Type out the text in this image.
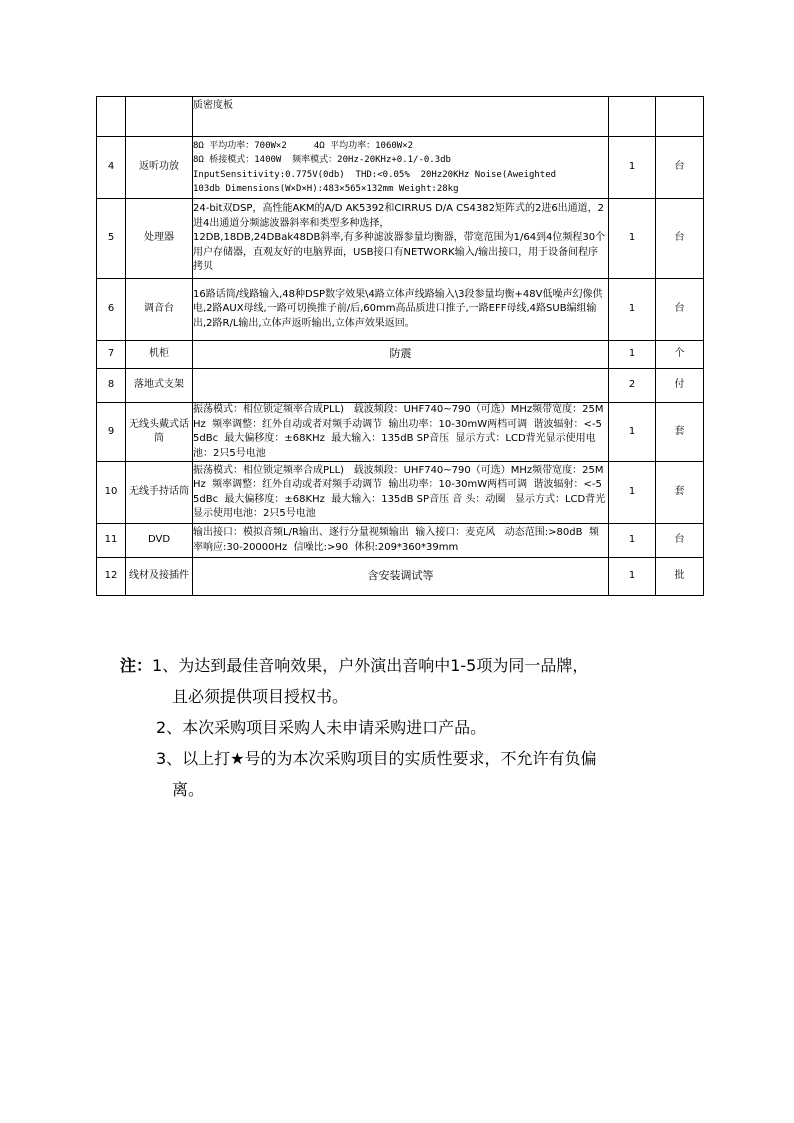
		质密度板		
4	返听功放	8Ω 平均功率：700W×2     4Ω 平均功率：1060W×2
8Ω 桥接模式：1400W  频率模式：20Hz-20KHz+0.1/-0.3db
InputSensitivity:0.775V(0db)  THD:<0.05%  20Hz20KHz Noise(Aweighted
103db Dimensions(W×D×H):483×565×132mm Weight:28kg	1	台
5	处理器	24-bit双DSP，高性能AKM的A/D AK5392和CIRRUS D/A CS4382矩阵式的2进6出通道，2进4出通道分频滤波器斜率和类型多种选择，
12DB,18DB,24DBak48DB斜率,有多种滤波器参量均衡器，带宽范围为1/64到4位频程30个用户存储器，直观友好的电脑界面，USB接口有NETWORK输入/输出接口，用于设备间程序拷贝	1	台
6	调音台	16路话筒/线路输入,48种DSP数字效果\4路立体声线路输入\3段参量均衡+48V低噪声幻像供电,2路AUX母线,一路可切换推子前/后,60mm高品质进口推子,一路EFF母线,4路SUB编组输出,2路R/L输出,立体声返听输出,立体声效果返回。	1	台
7	机柜	防震	1	个
8	落地式支架		2	付
9	无线头戴式话筒	振荡模式：相位锁定频率合成PLL)   载波频段：UHF740~790（可选）MHz频带宽度：25MHz  频率调整：红外自动或者对频手动调节  输出功率：10-30mW两档可调  谐波辐射：<-55dBc  最大偏移度：±68KHz  最大输入：135dB SP音压  显示方式：LCD背光显示使用电池：2只5号电池	1	套
10	无线手持话筒	振荡模式：相位锁定频率合成PLL)   载波频段：UHF740~790（可选）MHz频带宽度：25MHz  频率调整：红外自动或者对频手动调节  输出功率：10-30mW两档可调  谐波辐射：<-55dBc  最大偏移度：±68KHz  最大输入：135dB SP音压 音 头：动圈   显示方式：LCD背光显示使用电池：2只5号电池	1	套
11	DVD	输出接口：模拟音频L/R输出、逐行分量视频输出  输入接口：麦克风   动态范围:>80dB  频率响应:30-20000Hz  信噪比:>90  体积:209*360*39mm	1	台
12	线材及接插件	含安装调试等	1	批
注：1、为达到最佳音响效果，户外演出音响中1-5项为同一品牌，
且必须提供项目授权书。
2、本次采购项目采购人未申请采购进口产品。
3、以上打★号的为本次采购项目的实质性要求，不允许有负偏
离。
